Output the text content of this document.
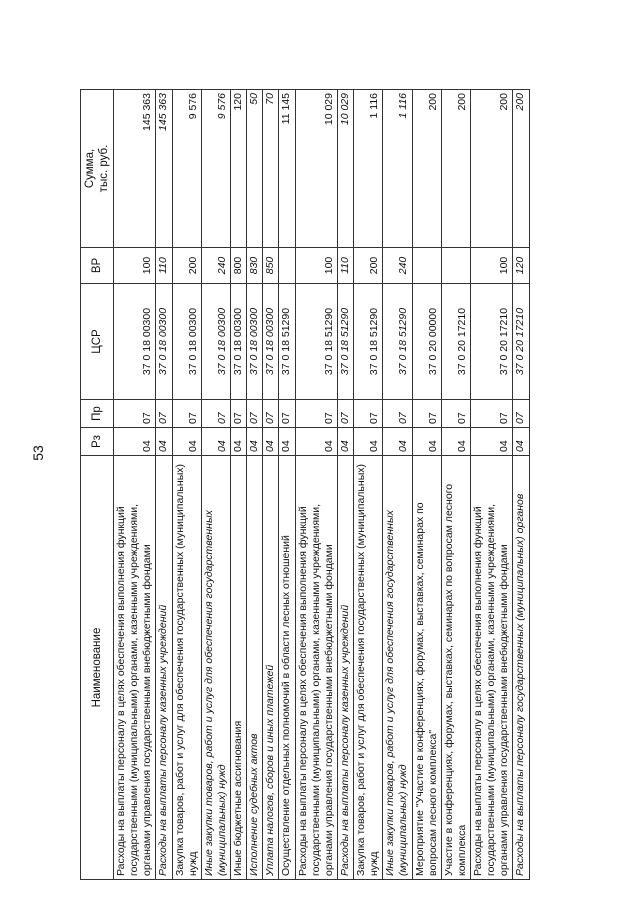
53
Наименование	Рз	Пр	ЦСР	ВР	Сумма,
тыс. руб.
Расходы на выплаты персоналу в целях обеспечения выполнения функций государственными (муниципальными) органами, казенными учреждениями, органами управления государственными внебюджетными фондами	04	07	37 0 18 00300	100	145 363
Расходы на выплаты персоналу казенных учреждений	04	07	37 0 18 00300	110	145 363
Закупка товаров, работ и услуг для обеспечения государственных (муниципальных) нужд	04	07	37 0 18 00300	200	9 576
Иные закупки товаров, работ и услуг для обеспечения государственных (муниципальных) нужд	04	07	37 0 18 00300	240	9 576
Иные бюджетные ассигнования	04	07	37 0 18 00300	800	120
Исполнение судебных актов	04	07	37 0 18 00300	830	50
Уплата налогов, сборов и иных платежей	04	07	37 0 18 00300	850	70
Осуществление отдельных полномочий в области лесных отношений	04	07	37 0 18 51290		11 145
Расходы на выплаты персоналу в целях обеспечения выполнения функций государственными (муниципальными) органами, казенными учреждениями, органами управления государственными внебюджетными фондами	04	07	37 0 18 51290	100	10 029
Расходы на выплаты персоналу казенных учреждений	04	07	37 0 18 51290	110	10 029
Закупка товаров, работ и услуг для обеспечения государственных (муниципальных) нужд	04	07	37 0 18 51290	200	1 116
Иные закупки товаров, работ и услуг для обеспечения государственных (муниципальных) нужд	04	07	37 0 18 51290	240	1 116
Мероприятие "Участие в конференциях, форумах, выставках, семинарах по вопросам лесного комплекса"	04	07	37 0 20 00000		200
Участие в конференциях, форумах, выставках, семинарах по вопросам лесного комплекса	04	07	37 0 20 17210		200
Расходы на выплаты персоналу в целях обеспечения выполнения функций государственными (муниципальными) органами, казенными учреждениями, органами управления государственными внебюджетными фондами	04	07	37 0 20 17210	100	200
Расходы на выплаты персоналу государственных (муниципальных) органов	04	07	37 0 20 17210	120	200
